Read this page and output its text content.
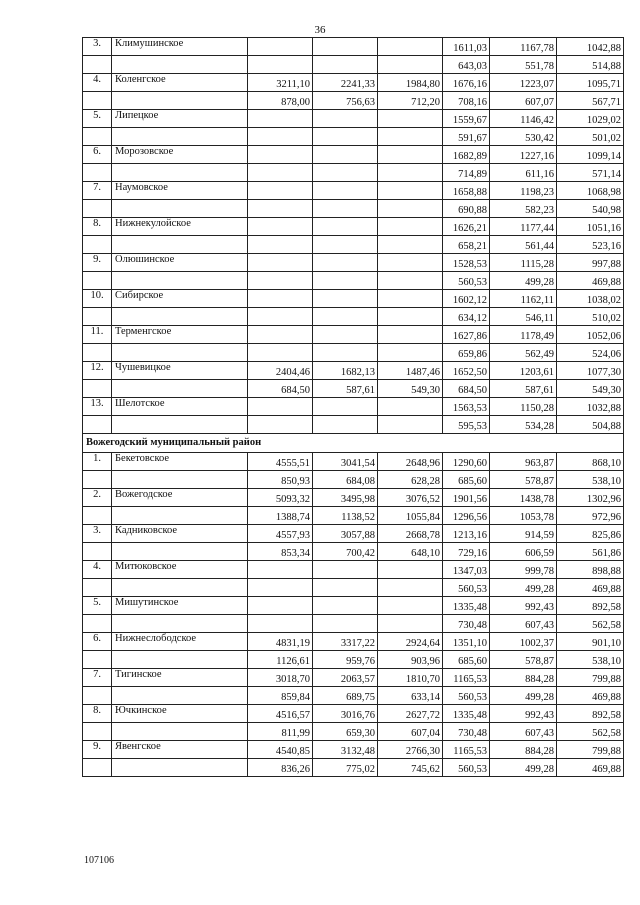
36
3.	Климушинское				1611,03	1167,78	1042,88
					643,03	551,78	514,88
4.	Коленгское	3211,10	2241,33	1984,80	1676,16	1223,07	1095,71
		878,00	756,63	712,20	708,16	607,07	567,71
5.	Липецкое				1559,67	1146,42	1029,02
					591,67	530,42	501,02
6.	Морозовское				1682,89	1227,16	1099,14
					714,89	611,16	571,14
7.	Наумовское				1658,88	1198,23	1068,98
					690,88	582,23	540,98
8.	Нижнекулойское				1626,21	1177,44	1051,16
					658,21	561,44	523,16
9.	Олюшинское				1528,53	1115,28	997,88
					560,53	499,28	469,88
10.	Сибирское				1602,12	1162,11	1038,02
					634,12	546,11	510,02
11.	Терменгское				1627,86	1178,49	1052,06
					659,86	562,49	524,06
12.	Чушевицкое	2404,46	1682,13	1487,46	1652,50	1203,61	1077,30
		684,50	587,61	549,30	684,50	587,61	549,30
13.	Шелотское				1563,53	1150,28	1032,88
					595,53	534,28	504,88
Вожегодский муниципальный район							
1.	Бекетовское	4555,51	3041,54	2648,96	1290,60	963,87	868,10
		850,93	684,08	628,28	685,60	578,87	538,10
2.	Вожегодское	5093,32	3495,98	3076,52	1901,56	1438,78	1302,96
		1388,74	1138,52	1055,84	1296,56	1053,78	972,96
3.	Кадниковское	4557,93	3057,88	2668,78	1213,16	914,59	825,86
		853,34	700,42	648,10	729,16	606,59	561,86
4.	Митюковское				1347,03	999,78	898,88
					560,53	499,28	469,88
5.	Мишутинское				1335,48	992,43	892,58
					730,48	607,43	562,58
6.	Нижнеслободское	4831,19	3317,22	2924,64	1351,10	1002,37	901,10
		1126,61	959,76	903,96	685,60	578,87	538,10
7.	Тигинское	3018,70	2063,57	1810,70	1165,53	884,28	799,88
		859,84	689,75	633,14	560,53	499,28	469,88
8.	Ючкинское	4516,57	3016,76	2627,72	1335,48	992,43	892,58
		811,99	659,30	607,04	730,48	607,43	562,58
9.	Явенгское	4540,85	3132,48	2766,30	1165,53	884,28	799,88
		836,26	775,02	745,62	560,53	499,28	469,88
107106
